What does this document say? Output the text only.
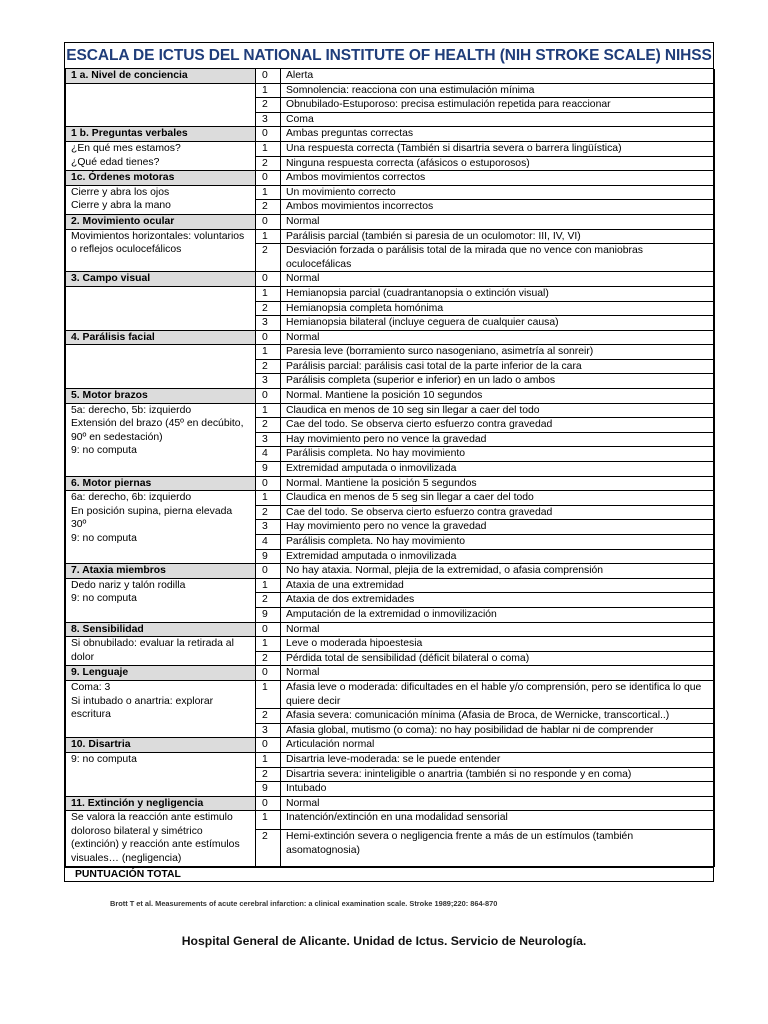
ESCALA DE ICTUS DEL NATIONAL INSTITUTE OF HEALTH (NIH STROKE SCALE) NIHSS
1 a. Nivel de conciencia	0	Alerta
	1	Somnolencia: reacciona con una estimulación mínima
	2	Obnubilado-Estuporoso: precisa estimulación repetida para reaccionar
	3	Coma
1 b. Preguntas verbales	0	Ambas preguntas correctas
¿En qué mes estamos?
¿Qué edad tienes?	1	Una respuesta correcta (También si disartria severa o barrera lingüística)
	2	Ninguna respuesta correcta (afásicos o estuporosos)
1c. Órdenes motoras	0	Ambos movimientos correctos
Cierre y abra los ojos
Cierre y abra la mano	1	Un movimiento correcto
	2	Ambos movimientos incorrectos
2. Movimiento ocular	0	Normal
Movimientos horizontales: voluntarios o reflejos oculocefálicos	1	Parálisis parcial (también si paresia de un oculomotor: III, IV, VI)
	2	Desviación forzada o parálisis total de la mirada que no vence con maniobras oculocefálicas
3. Campo visual	0	Normal
	1	Hemianopsia parcial (cuadrantanopsia o extinción visual)
	2	Hemianopsia completa homónima
	3	Hemianopsia bilateral (incluye ceguera de cualquier causa)
4. Parálisis facial	0	Normal
	1	Paresia leve (borramiento surco nasogeniano, asimetría al sonreir)
	2	Parálisis parcial: parálisis casi total de la parte inferior de la cara
	3	Parálisis completa (superior e inferior) en un lado o ambos
5. Motor brazos	0	Normal. Mantiene la posición 10 segundos
5a: derecho, 5b: izquierdo
Extensión del brazo (45º en decúbito, 90º en sedestación)
9: no computa	1	Claudica en menos de 10 seg sin llegar a caer del todo
	2	Cae del todo. Se observa cierto esfuerzo contra gravedad
	3	Hay movimiento pero no vence la gravedad
	4	Parálisis completa. No hay movimiento
	9	Extremidad amputada o inmovilizada
6. Motor piernas	0	Normal. Mantiene la posición 5 segundos
6a: derecho, 6b: izquierdo
En posición supina, pierna elevada 30º
9: no computa	1	Claudica en menos de 5 seg sin llegar a caer del todo
	2	Cae del todo. Se observa cierto esfuerzo contra gravedad
	3	Hay movimiento pero no vence la gravedad
	4	Parálisis completa. No hay movimiento
	9	Extremidad amputada o inmovilizada
7. Ataxia miembros	0	No hay ataxia. Normal, plejia de la extremidad, o afasia comprensión
Dedo nariz y talón rodilla
9: no computa	1	Ataxia de una extremidad
	2	Ataxia de dos extremidades
	9	Amputación de la extremidad o inmovilización
8. Sensibilidad	0	Normal
Si obnubilado: evaluar la retirada al dolor	1	Leve o moderada hipoestesia
	2	Pérdida total de sensibilidad (déficit bilateral o coma)
9. Lenguaje	0	Normal
Coma: 3
Si intubado o anartria: explorar escritura	1	Afasia leve o moderada: dificultades en el hable y/o comprensión, pero se identifica lo que quiere decir
	2	Afasia severa: comunicación mínima (Afasia de Broca, de Wernicke, transcortical..)
	3	Afasia global, mutismo (o coma): no hay posibilidad de hablar ni de comprender
10. Disartria	0	Articulación normal
9: no computa	1	Disartria leve-moderada: se le puede entender
	2	Disartria severa: ininteligible o anartria (también si no responde y en coma)
	9	Intubado
11. Extinción y negligencia	0	Normal
Se valora la reacción ante estimulo doloroso bilateral y simétrico (extinción) y reacción ante estímulos visuales… (negligencia)	1	Inatención/extinción en una modalidad sensorial
	2	Hemi-extinción severa o negligencia frente a más de un estímulos (también asomatognosia)
PUNTUACIÓN TOTAL
Brott T et al. Measurements of acute cerebral infarction: a clinical examination scale. Stroke 1989;220: 864-870
Hospital General de Alicante. Unidad de Ictus. Servicio de Neurología.
